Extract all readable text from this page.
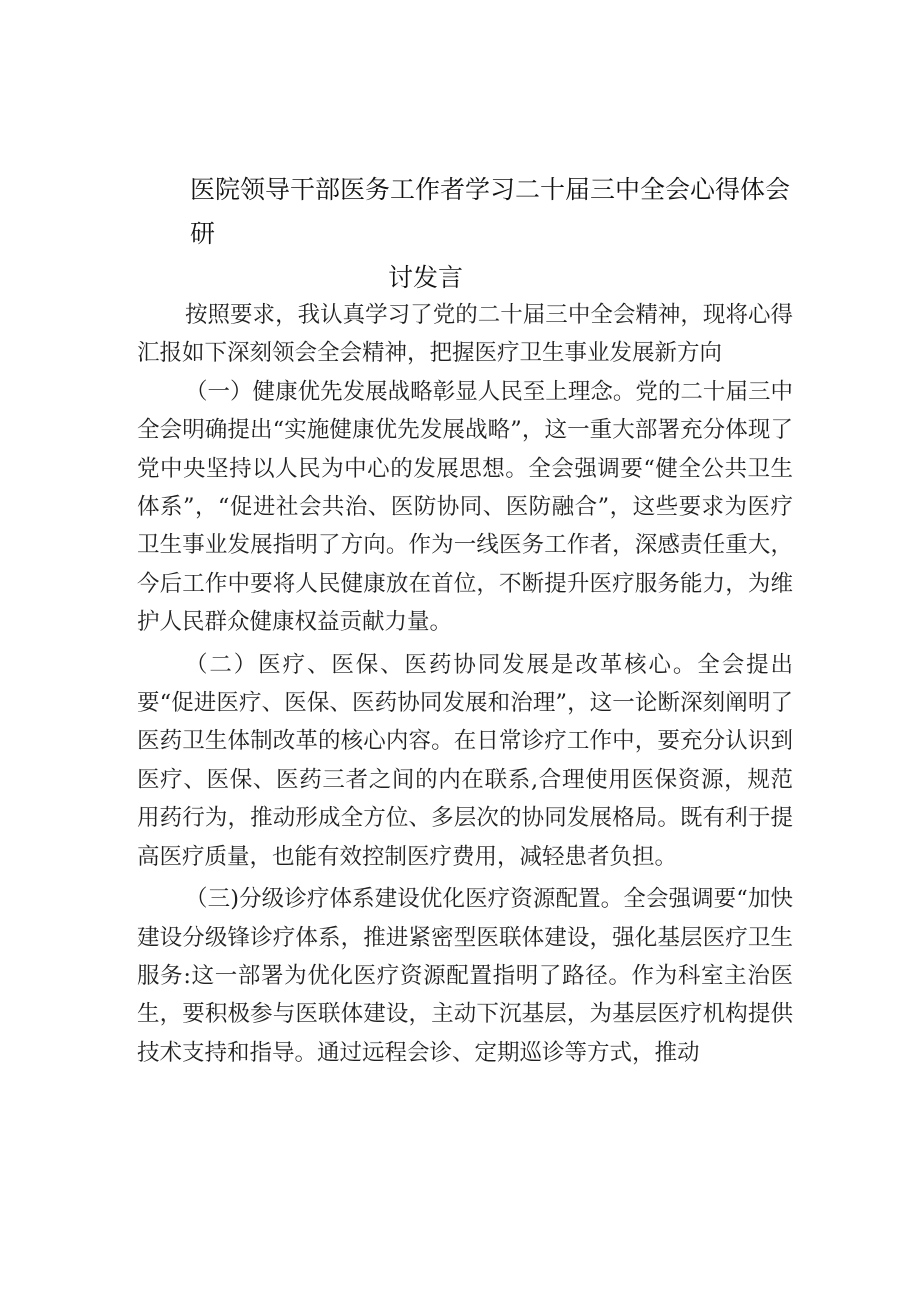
医院领导干部医务工作者学习二十届三中全会心得体会研
讨发言

按照要求，我认真学习了党的二十届三中全会精神，现将心得汇报如下深刻领会全会精神，把握医疗卫生事业发展新方向

（一）健康优先发展战略彰显人民至上理念。党的二十届三中全会明确提出“实施健康优先发展战略”，这一重大部署充分体现了党中央坚持以人民为中心的发展思想。全会强调要“健全公共卫生体系”，“促进社会共治、医防协同、医防融合”，这些要求为医疗卫生事业发展指明了方向。作为一线医务工作者，深感责任重大，今后工作中要将人民健康放在首位，不断提升医疗服务能力，为维护人民群众健康权益贡献力量。

（二）医疗、医保、医药协同发展是改革核心。全会提出要“促进医疗、医保、医药协同发展和治理”，这一论断深刻阐明了医药卫生体制改革的核心内容。在日常诊疗工作中，要充分认识到医疗、医保、医药三者之间的内在联系,合理使用医保资源，规范用药行为，推动形成全方位、多层次的协同发展格局。既有利于提高医疗质量，也能有效控制医疗费用，减轻患者负担。

（三)分级诊疗体系建设优化医疗资源配置。全会强调要“加快建设分级锋诊疗体系，推进紧密型医联体建设，强化基层医疗卫生服务:这一部署为优化医疗资源配置指明了路径。作为科室主治医生，要积极参与医联体建设，主动下沉基层，为基层医疗机构提供技术支持和指导。通过远程会诊、定期巡诊等方式，推动
